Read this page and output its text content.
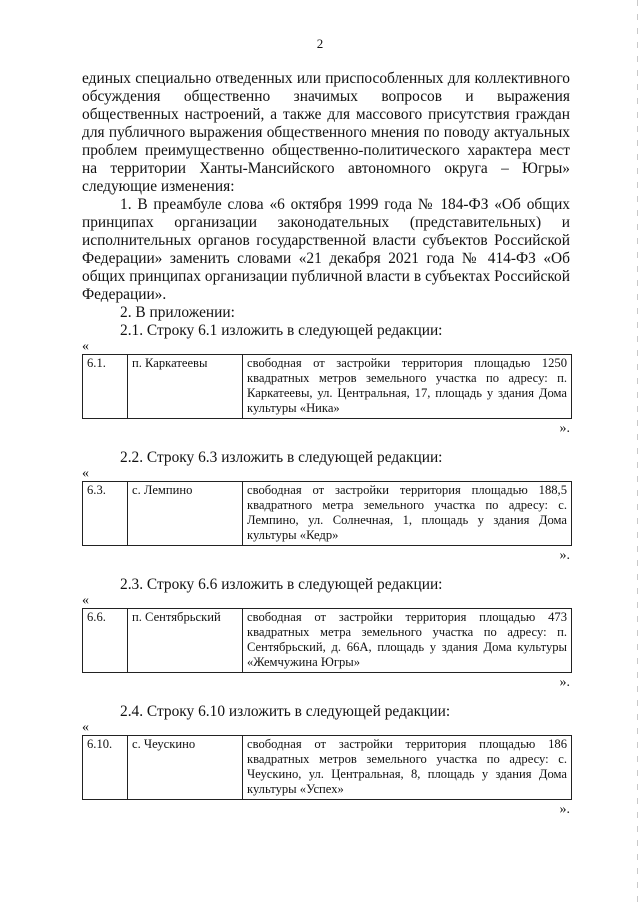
2

единых специально отведенных или приспособленных для коллективного обсуждения общественно значимых вопросов и выражения общественных настроений, а также для массового присутствия граждан для публичного выражения общественного мнения по поводу актуальных проблем преимущественно общественно-политического характера мест на территории Ханты-Мансийского автономного округа – Югры» следующие изменения:

1. В преамбуле слова «6 октября 1999 года № 184-ФЗ «Об общих принципах организации законодательных (представительных) и исполнительных органов государственной власти субъектов Российской Федерации» заменить словами «21 декабря 2021 года № 414-ФЗ «Об общих принципах организации публичной власти в субъектах Российской Федерации».

2. В приложении:

2.1. Строку 6.1 изложить в следующей редакции:

«

6.1.	п. Каркатеевы	свободная от застройки территория площадью 1250 квадратных метров земельного участка по адресу: п. Каркатеевы, ул. Центральная, 17, площадь у здания Дома культуры «Ника»

».

2.2. Строку 6.3 изложить в следующей редакции:

«

6.3.	с. Лемпино	свободная от застройки территория площадью 188,5 квадратного метра земельного участка по адресу: с. Лемпино, ул. Солнечная, 1, площадь у здания Дома культуры «Кедр»

».

2.3. Строку 6.6 изложить в следующей редакции:

«

6.6.	п. Сентябрьский	свободная от застройки территория площадью 473 квадратных метра земельного участка по адресу: п. Сентябрьский, д. 66А, площадь у здания Дома культуры «Жемчужина Югры»

».

2.4. Строку 6.10 изложить в следующей редакции:

«

6.10.	с. Чеускино	свободная от застройки территория площадью 186 квадратных метров земельного участка по адресу: с. Чеускино, ул. Центральная, 8, площадь у здания Дома культуры «Успех»

».
